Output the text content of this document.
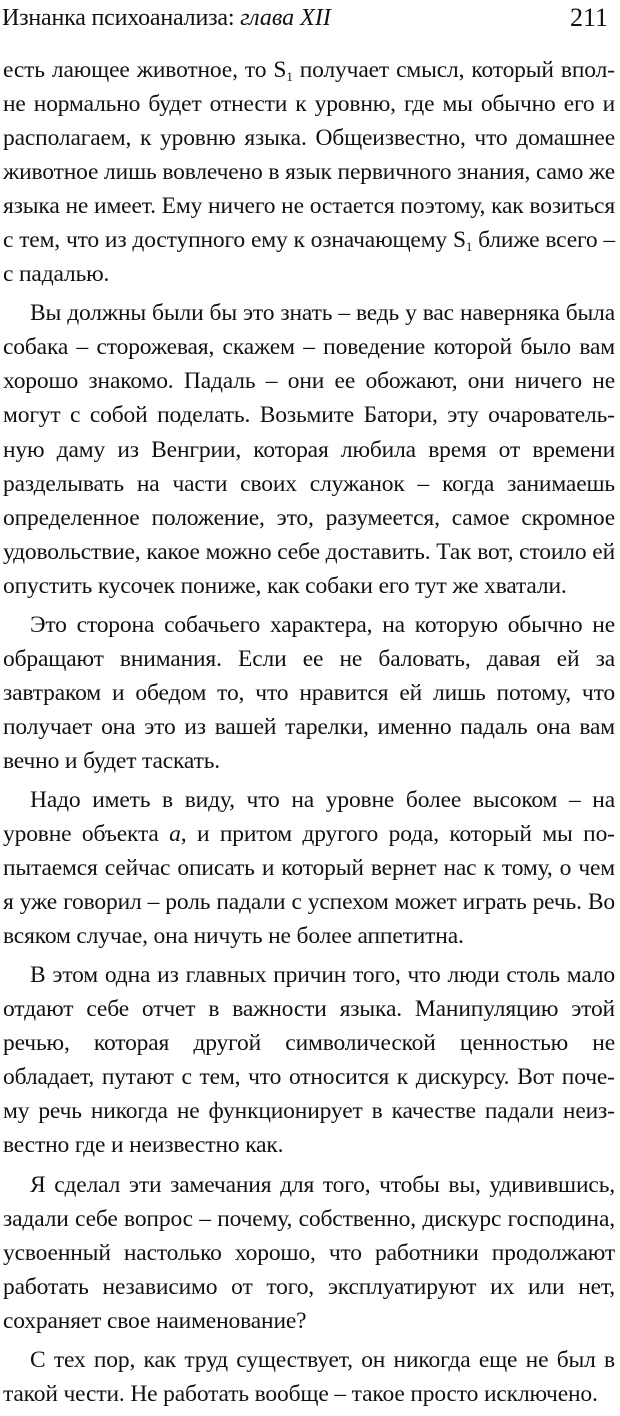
Изнанка психоанализа: глава XII	211

есть лающее животное, то $S_1$ получает смысл, который вполне нормально будет отнести к уровню, где мы обычно его и располагаем, к уровню языка. Общеизвестно, что домашнее животное лишь вовлечено в язык первичного знания, само же языка не имеет. Ему ничего не остается поэтому, как возиться с тем, что из доступного ему к означающему $S_1$ ближе всего – с падалью.

Вы должны были бы это знать – ведь у вас наверняка была собака – сторожевая, скажем – поведение которой было вам хорошо знакомо. Падаль – они ее обожают, они ничего не могут с собой поделать. Возьмите Батори, эту очаровательную даму из Венгрии, которая любила время от времени разделывать на части своих служанок – когда занимаешь определенное положение, это, разумеется, самое скромное удовольствие, какое можно себе доставить. Так вот, стоило ей опустить кусочек пониже, как собаки его тут же хватали.

Это сторона собачьего характера, на которую обычно не обращают внимания. Если ее не баловать, давая ей за завтраком и обедом то, что нравится ей лишь потому, что получает она это из вашей тарелки, именно падаль она вам вечно и будет таскать.

Надо иметь в виду, что на уровне более высоком – на уровне объекта а, и притом другого рода, который мы попытаемся сейчас описать и который вернет нас к тому, о чем я уже говорил – роль падали с успехом может играть речь. Во всяком случае, она ничуть не более аппетитна.

В этом одна из главных причин того, что люди столь мало отдают себе отчет в важности языка. Манипуляцию этой речью, которая другой символической ценностью не обладает, путают с тем, что относится к дискурсу. Вот почему речь никогда не функционирует в качестве падали неизвестно где и неизвестно как.

Я сделал эти замечания для того, чтобы вы, удивившись, задали себе вопрос – почему, собственно, дискурс господина, усвоенный настолько хорошо, что работники продолжают работать независимо от того, эксплуатируют их или нет, сохраняет свое наименование?

С тех пор, как труд существует, он никогда еще не был в такой чести. Не работать вообще – такое просто исключено.
